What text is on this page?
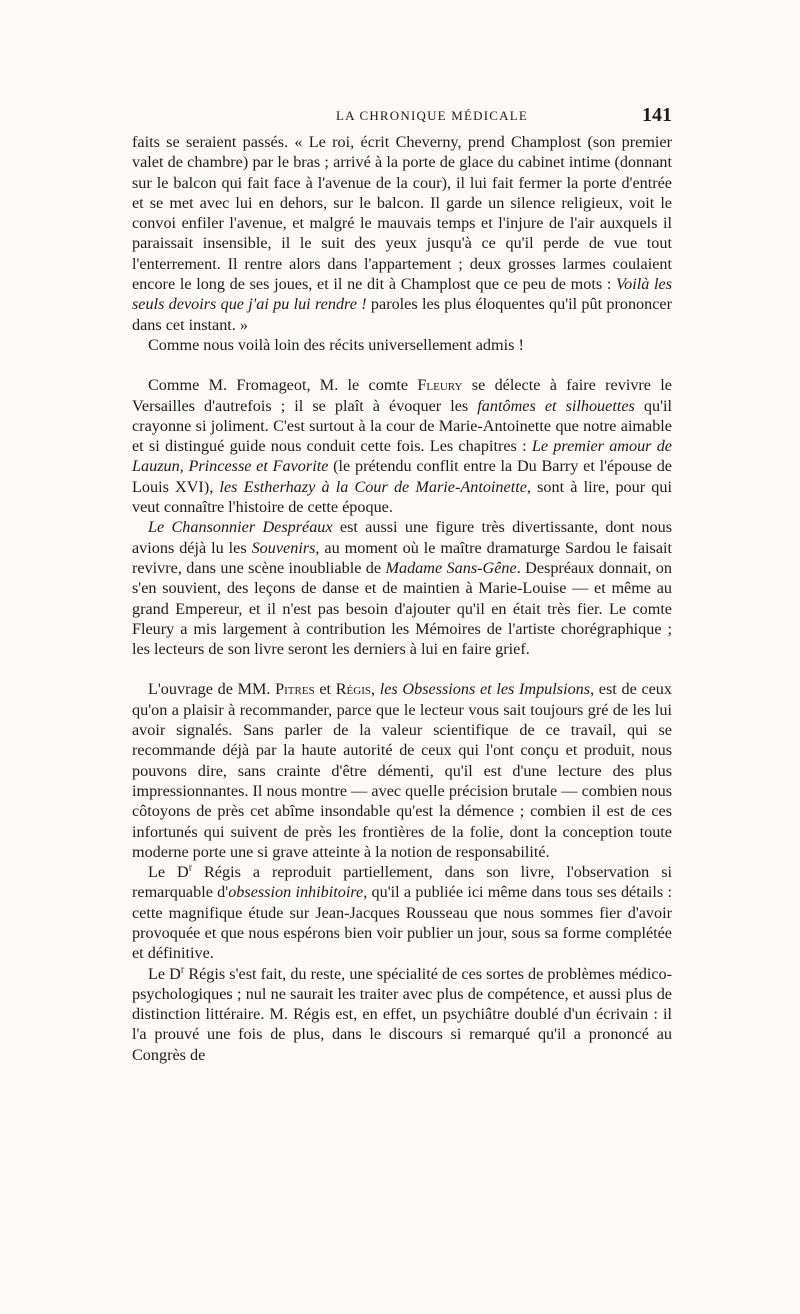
LA CHRONIQUE MÉDICALE	141

faits se seraient passés. « Le roi, écrit Cheverny, prend Champlost (son premier valet de chambre) par le bras ; arrivé à la porte de glace du cabinet intime (donnant sur le balcon qui fait face à l'avenue de la cour), il lui fait fermer la porte d'entrée et se met avec lui en dehors, sur le balcon. Il garde un silence religieux, voit le convoi enfiler l'avenue, et malgré le mauvais temps et l'injure de l'air auxquels il paraissait insensible, il le suit des yeux jusqu'à ce qu'il perde de vue tout l'enterrement. Il rentre alors dans l'appartement ; deux grosses larmes coulaient encore le long de ses joues, et il ne dit à Champlost que ce peu de mots : Voilà les seuls devoirs que j'ai pu lui rendre ! paroles les plus éloquentes qu'il pût prononcer dans cet instant. »

Comme nous voilà loin des récits universellement admis !

Comme M. Fromageot, M. le comte Fleury se délecte à faire revivre le Versailles d'autrefois ; il se plaît à évoquer les fantômes et silhouettes qu'il crayonne si joliment. C'est surtout à la cour de Marie-Antoinette que notre aimable et si distingué guide nous conduit cette fois. Les chapitres : Le premier amour de Lauzun, Princesse et Favorite (le prétendu conflit entre la Du Barry et l'épouse de Louis XVI), les Estherhazy à la Cour de Marie-Antoinette, sont à lire, pour qui veut connaître l'histoire de cette époque.

Le Chansonnier Despréaux est aussi une figure très divertissante, dont nous avions déjà lu les Souvenirs, au moment où le maître dramaturge Sardou le faisait revivre, dans une scène inoubliable de Madame Sans-Gêne. Despréaux donnait, on s'en souvient, des leçons de danse et de maintien à Marie-Louise — et même au grand Empereur, et il n'est pas besoin d'ajouter qu'il en était très fier. Le comte Fleury a mis largement à contribution les Mémoires de l'artiste chorégraphique ; les lecteurs de son livre seront les derniers à lui en faire grief.

L'ouvrage de MM. Pitres et Régis, les Obsessions et les Impulsions, est de ceux qu'on a plaisir à recommander, parce que le lecteur vous sait toujours gré de les lui avoir signalés. Sans parler de la valeur scientifique de ce travail, qui se recommande déjà par la haute autorité de ceux qui l'ont conçu et produit, nous pouvons dire, sans crainte d'être démenti, qu'il est d'une lecture des plus impressionnantes. Il nous montre — avec quelle précision brutale — combien nous côtoyons de près cet abîme insondable qu'est la démence ; combien il est de ces infortunés qui suivent de près les frontières de la folie, dont la conception toute moderne porte une si grave atteinte à la notion de responsabilité.

Le $D^r$ Régis a reproduit partiellement, dans son livre, l'observation si remarquable d'obsession inhibitoire, qu'il a publiée ici même dans tous ses détails : cette magnifique étude sur Jean-Jacques Rousseau que nous sommes fier d'avoir provoquée et que nous espérons bien voir publier un jour, sous sa forme complétée et définitive.

Le $D^r$ Régis s'est fait, du reste, une spécialité de ces sortes de problèmes médico-psychologiques ; nul ne saurait les traiter avec plus de compétence, et aussi plus de distinction littéraire. M. Régis est, en effet, un psychiâtre doublé d'un écrivain : il l'a prouvé une fois de plus, dans le discours si remarqué qu'il a prononcé au Congrès de
